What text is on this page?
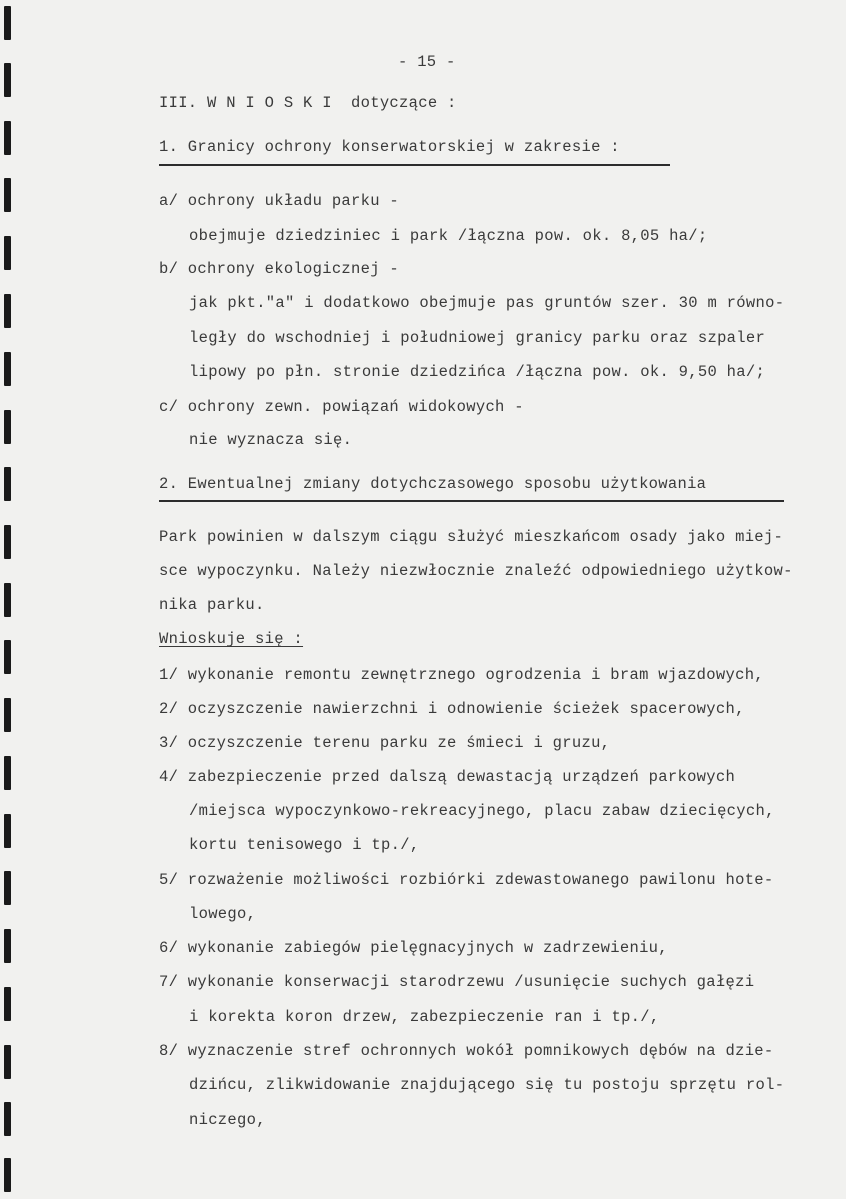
- 15 -
III. W N I O S K I  dotyczące :
1. Granicy ochrony konserwatorskiej w zakresie :
a/ ochrony układu parku -
obejmuje dziedziniec i park /łączna pow. ok. 8,05 ha/;
b/ ochrony ekologicznej -
jak pkt."a" i dodatkowo obejmuje pas gruntów szer. 30 m równo-
legły do wschodniej i południowej granicy parku oraz szpaler
lipowy po płn. stronie dziedzińca /łączna pow. ok. 9,50 ha/;
c/ ochrony zewn. powiązań widokowych -
nie wyznacza się.
2. Ewentualnej zmiany dotychczasowego sposobu użytkowania
Park powinien w dalszym ciągu służyć mieszkańcom osady jako miej-
sce wypoczynku. Należy niezwłocznie znaleźć odpowiedniego użytkow-
nika parku.
Wnioskuje się :
1/ wykonanie remontu zewnętrznego ogrodzenia i bram wjazdowych,
2/ oczyszczenie nawierzchni i odnowienie ścieżek spacerowych,
3/ oczyszczenie terenu parku ze śmieci i gruzu,
4/ zabezpieczenie przed dalszą dewastacją urządzeń parkowych
/miejsca wypoczynkowo-rekreacyjnego, placu zabaw dziecięcych,
kortu tenisowego i tp./,
5/ rozważenie możliwości rozbiórki zdewastowanego pawilonu hote-
lowego,
6/ wykonanie zabiegów pielęgnacyjnych w zadrzewieniu,
7/ wykonanie konserwacji starodrzewu /usunięcie suchych gałęzi
i korekta koron drzew, zabezpieczenie ran i tp./,
8/ wyznaczenie stref ochronnych wokół pomnikowych dębów na dzie-
dzińcu, zlikwidowanie znajdującego się tu postoju sprzętu rol-
niczego,
